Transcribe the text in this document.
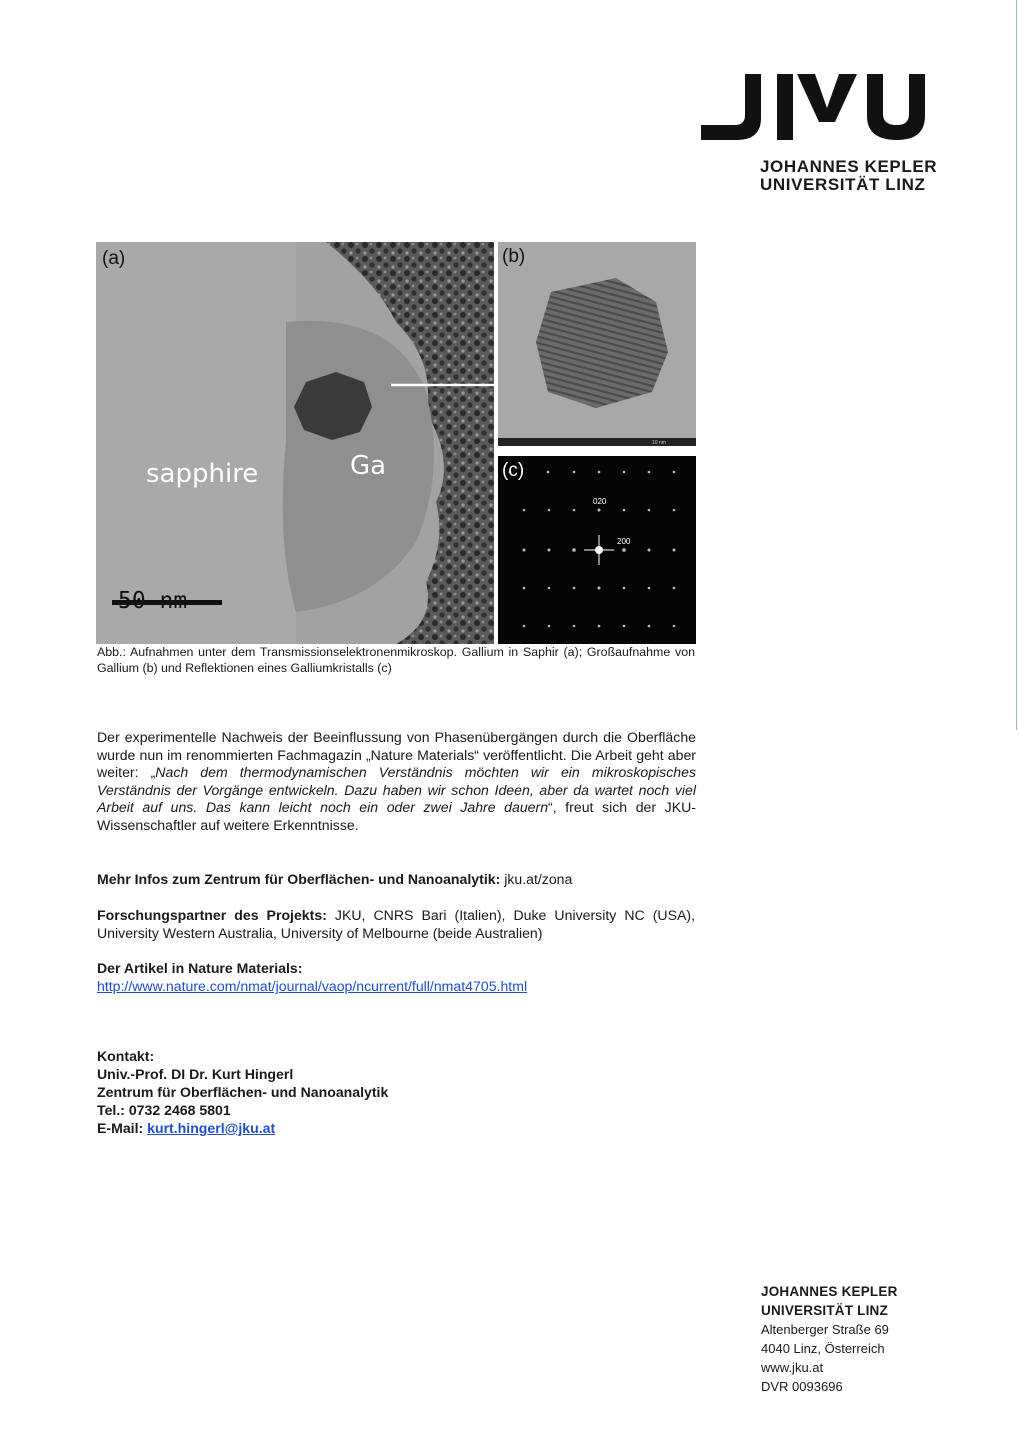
JOHANNES KEPLER
UNIVERSITÄT LINZ
(a)
sapphire	Ga
50 nm
(b)
10 nm
(c)
020
200
Abb.: Aufnahmen unter dem Transmissionselektronenmikroskop. Gallium in Saphir (a); Großaufnahme von Gallium (b) und Reflektionen eines Galliumkristalls (c)
Der experimentelle Nachweis der Beeinflussung von Phasenübergängen durch die Oberfläche wurde nun im renommierten Fachmagazin „Nature Materials“ veröffentlicht. Die Arbeit geht aber weiter: „Nach dem thermodynamischen Verständnis möchten wir ein mikroskopisches Verständnis der Vorgänge entwickeln. Dazu haben wir schon Ideen, aber da wartet noch viel Arbeit auf uns. Das kann leicht noch ein oder zwei Jahre dauern“, freut sich der JKU-Wissenschaftler auf weitere Erkenntnisse.
Mehr Infos zum Zentrum für Oberflächen- und Nanoanalytik: jku.at/zona
Forschungspartner des Projekts: JKU, CNRS Bari (Italien), Duke University NC (USA), University Western Australia, University of Melbourne (beide Australien)
Der Artikel in Nature Materials:
http://www.nature.com/nmat/journal/vaop/ncurrent/full/nmat4705.html
Kontakt:
Univ.-Prof. DI Dr. Kurt Hingerl
Zentrum für Oberflächen- und Nanoanalytik
Tel.: 0732 2468 5801
E-Mail: kurt.hingerl@jku.at
JOHANNES KEPLER
UNIVERSITÄT LINZ
Altenberger Straße 69
4040 Linz, Österreich
www.jku.at
DVR 0093696
